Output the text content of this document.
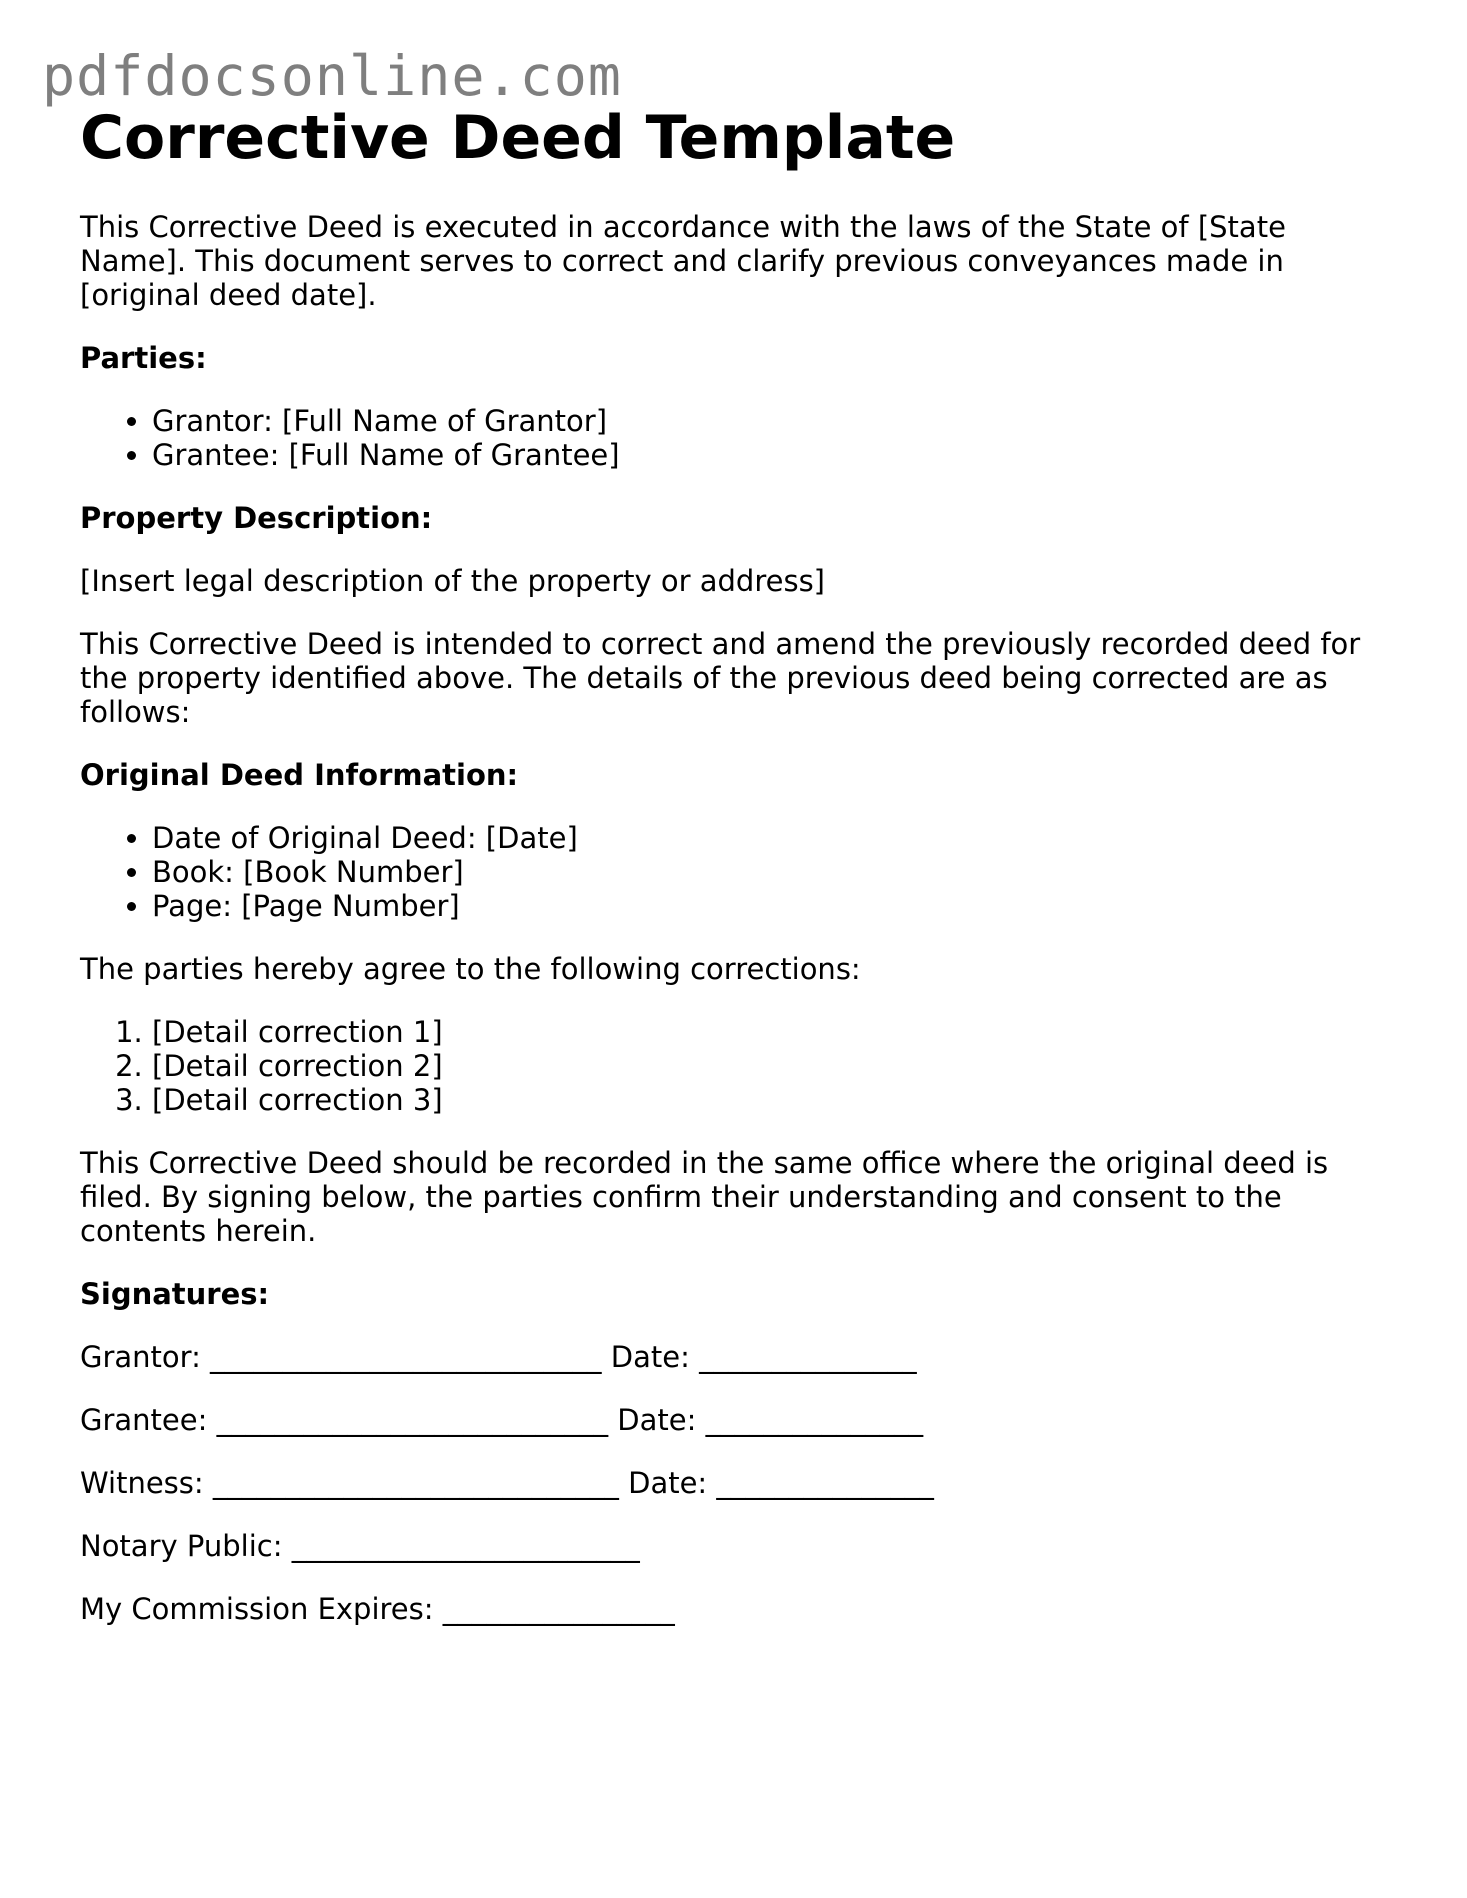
pdfdocsonline.com
Corrective Deed Template

This Corrective Deed is executed in accordance with the laws of the State of [State Name]. This document serves to correct and clarify previous conveyances made in [original deed date].

Parties:

• Grantor: [Full Name of Grantor]
• Grantee: [Full Name of Grantee]

Property Description:

[Insert legal description of the property or address]

This Corrective Deed is intended to correct and amend the previously recorded deed for the property identified above. The details of the previous deed being corrected are as follows:

Original Deed Information:

• Date of Original Deed: [Date]
• Book: [Book Number]
• Page: [Page Number]

The parties hereby agree to the following corrections:

1. [Detail correction 1]
2. [Detail correction 2]
3. [Detail correction 3]

This Corrective Deed should be recorded in the same office where the original deed is filed. By signing below, the parties confirm their understanding and consent to the contents herein.

Signatures:

Grantor: ___________________________ Date: _______________

Grantee: ___________________________ Date: _______________

Witness: ____________________________ Date: _______________

Notary Public: ________________________

My Commission Expires: ________________
